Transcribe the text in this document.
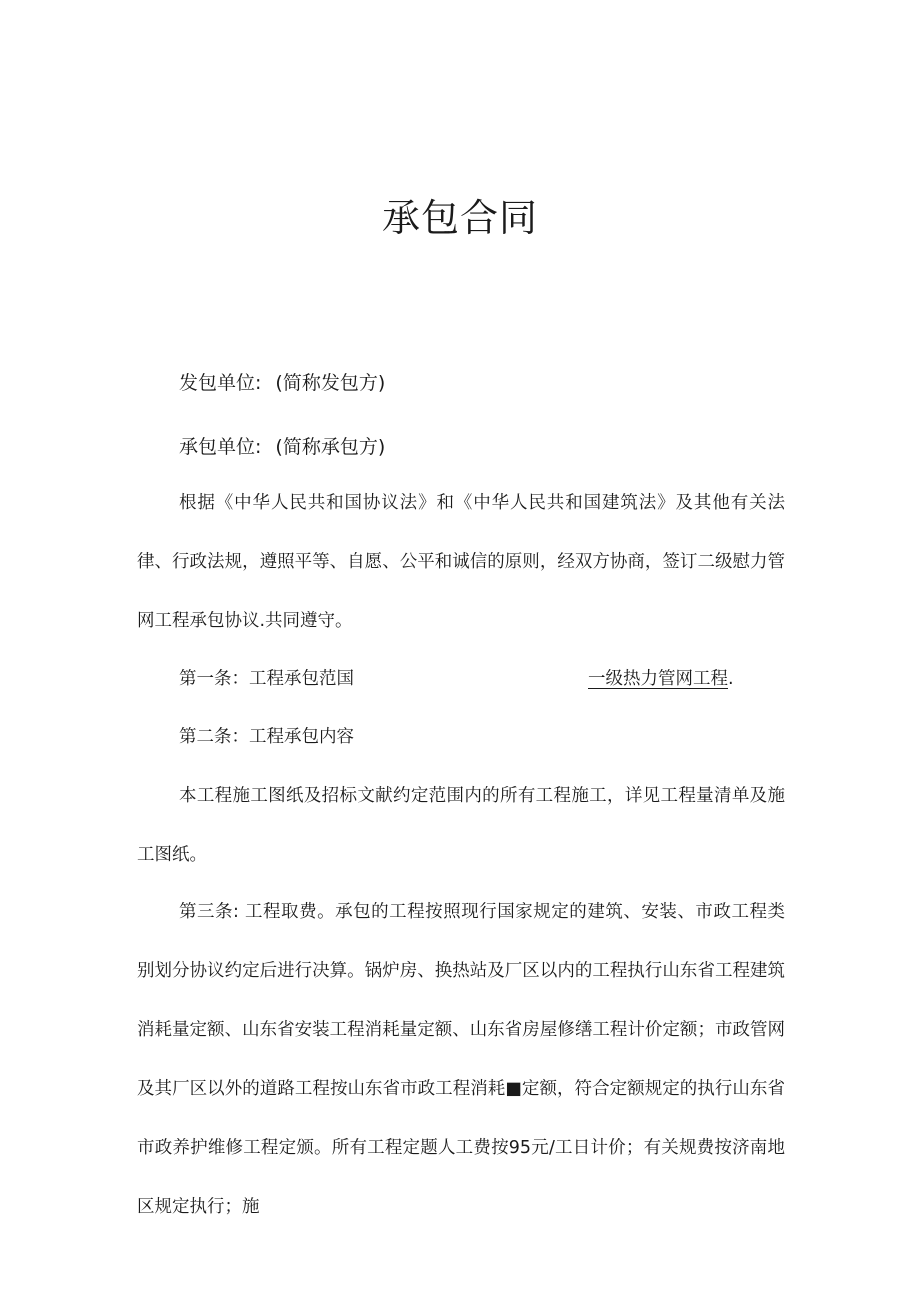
承包合同
发包单位: (简称发包方)
承包单位: (简称承包方)
根据《中华人民共和国协议法》和《中华人民共和国建筑法》及其他有关法律、行政法规，遵照平等、自愿、公平和诚信的原则，经双方协商，签订二级慰力管网工程承包协议.共同遵守。
第一条：工程承包范国	一级热力管网工程.
第二条：工程承包内容
本工程施工图纸及招标文献约定范围内的所有工程施工，详见工程量清单及施工图纸。
第三条: 工程取费。承包的工程按照现行国家规定的建筑、安装、市政工程类别划分协议约定后进行决算。锅炉房、换热站及厂区以内的工程执行山东省工程建筑消耗量定额、山东省安装工程消耗量定额、山东省房屋修缮工程计价定额；市政管网及其厂区以外的道路工程按山东省市政工程消耗■定额，符合定额规定的执行山东省市政养护维修工程定颁。所有工程定题人工费按95元/工日计价；有关规费按济南地区规定执行；施
